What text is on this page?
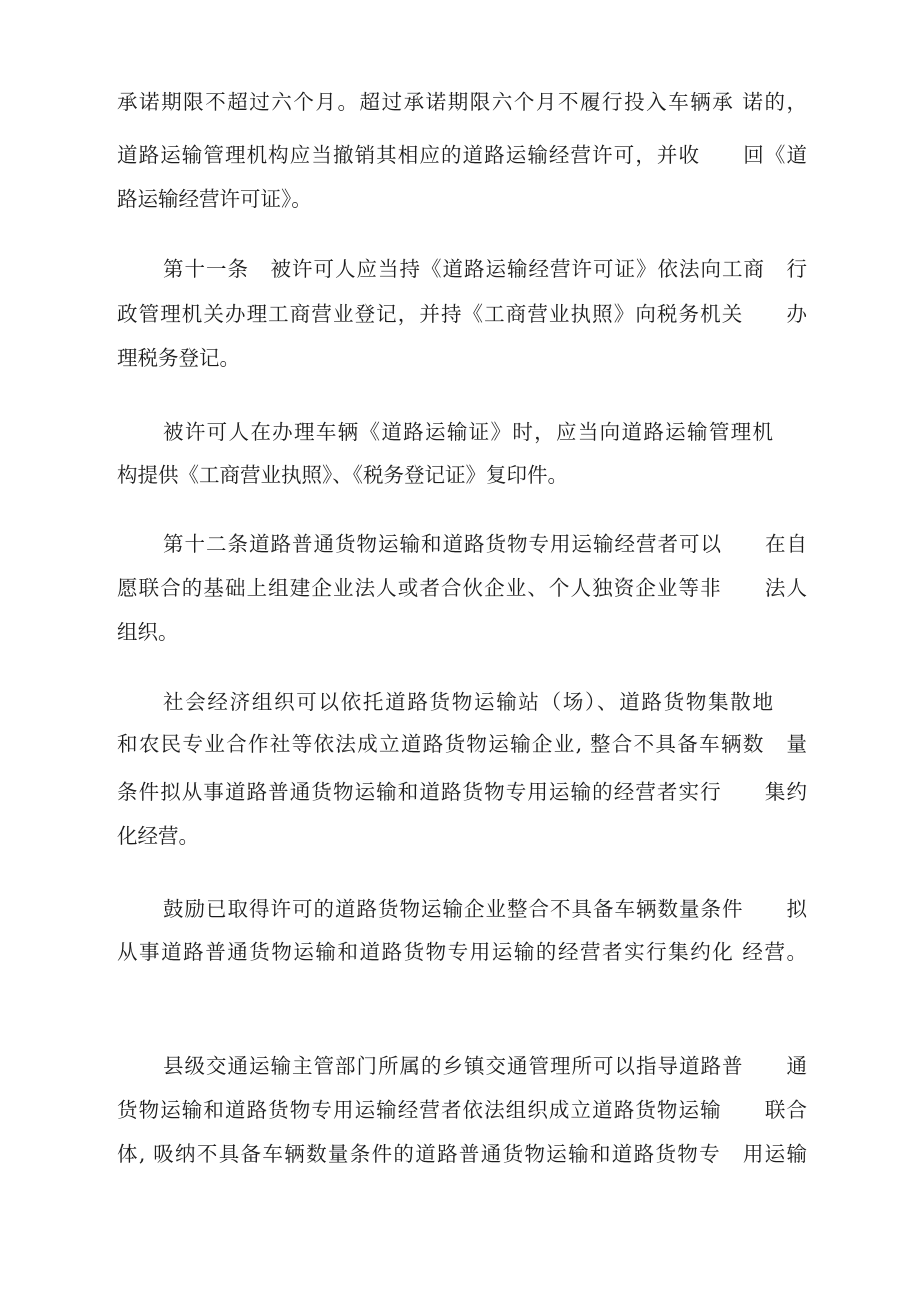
承诺期限不超过六个月。超过承诺期限六个月不履行投入车辆承 诺的，
道路运输管理机构应当撤销其相应的道路运输经营许可，并收　　回《道
路运输经营许可证》。
第十一条　被许可人应当持《道路运输经营许可证》依法向工商　行
政管理机关办理工商营业登记，并持《工商营业执照》向税务机关　　办
理税务登记。
被许可人在办理车辆《道路运输证》时，应当向道路运输管理机
构提供《工商营业执照》、《税务登记证》复印件。
第十二条道路普通货物运输和道路货物专用运输经营者可以　　在自
愿联合的基础上组建企业法人或者合伙企业、个人独资企业等非　　法人
组织。
社会经济组织可以依托道路货物运输站（场）、道路货物集散地
和农民专业合作社等依法成立道路货物运输企业, 整合不具备车辆数　量
条件拟从事道路普通货物运输和道路货物专用运输的经营者实行　　集约
化经营。
鼓励已取得许可的道路货物运输企业整合不具备车辆数量条件　　拟
从事道路普通货物运输和道路货物专用运输的经营者实行集约化 经营。
县级交通运输主管部门所属的乡镇交通管理所可以指导道路普　　通
货物运输和道路货物专用运输经营者依法组织成立道路货物运输　　联合
体, 吸纳不具备车辆数量条件的道路普通货物运输和道路货物专　用运输
